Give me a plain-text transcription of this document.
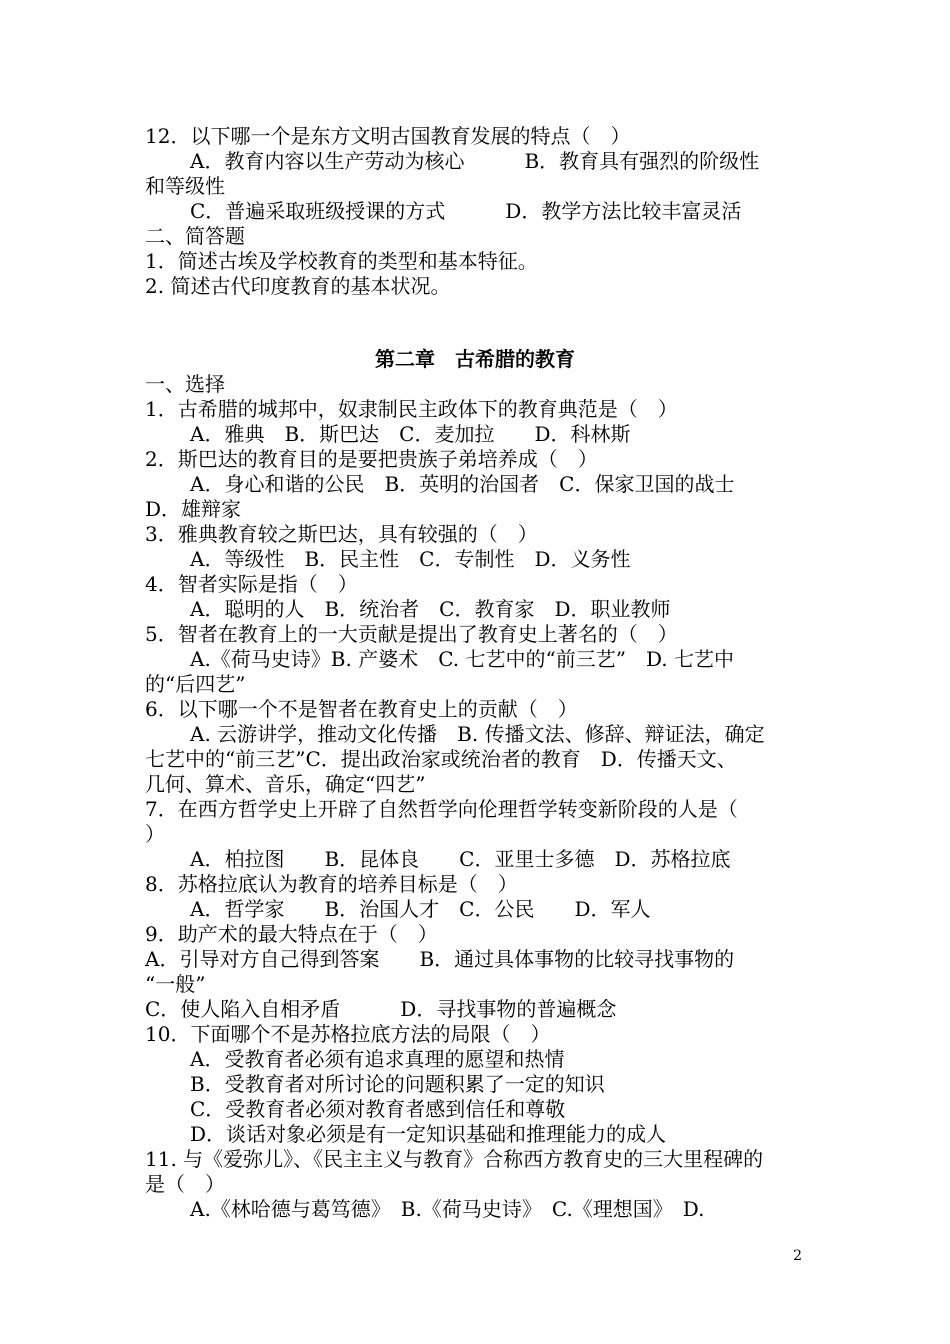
12．以下哪一个是东方文明古国教育发展的特点（　）
A．教育内容以生产劳动为核心　　　B．教育具有强烈的阶级性
和等级性
C．普遍采取班级授课的方式　　　D．教学方法比较丰富灵活
二、简答题
1．简述古埃及学校教育的类型和基本特征。
2. 简述古代印度教育的基本状况。
第二章　古希腊的教育
一、选择
1．古希腊的城邦中，奴隶制民主政体下的教育典范是（　）
A．雅典　B．斯巴达　C．麦加拉　　D．科林斯
2．斯巴达的教育目的是要把贵族子弟培养成（　）
A．身心和谐的公民　B．英明的治国者　C．保家卫国的战士
D．雄辩家
3．雅典教育较之斯巴达，具有较强的（　）
A．等级性　B．民主性　C．专制性　D．义务性
4．智者实际是指（　）
A．聪明的人　B．统治者　C．教育家　D．职业教师
5．智者在教育上的一大贡献是提出了教育史上著名的（　）
A.《荷马史诗》B. 产婆术　C. 七艺中的“前三艺”　D. 七艺中
的“后四艺”
6．以下哪一个不是智者在教育史上的贡献（　）
A. 云游讲学，推动文化传播　B. 传播文法、修辞、辩证法，确定
七艺中的“前三艺”C．提出政治家或统治者的教育　D．传播天文、
几何、算术、音乐，确定“四艺”
7．在西方哲学史上开辟了自然哲学向伦理哲学转变新阶段的人是（
）
A．柏拉图　　B．昆体良　　C．亚里士多德　D．苏格拉底
8．苏格拉底认为教育的培养目标是（　）
A．哲学家　　B．治国人才　C．公民　　D．军人
9．助产术的最大特点在于（　）
A．引导对方自己得到答案　　B．通过具体事物的比较寻找事物的
“一般”
C．使人陷入自相矛盾　　　D．寻找事物的普遍概念
10．下面哪个不是苏格拉底方法的局限（　）
A．受教育者必须有追求真理的愿望和热情
B．受教育者对所讨论的问题积累了一定的知识
C．受教育者必须对教育者感到信任和尊敬
D．谈话对象必须是有一定知识基础和推理能力的成人
11. 与《爱弥儿》、《民主主义与教育》合称西方教育史的三大里程碑的
是（　）
A.《林哈德与葛笃德》　B.《荷马史诗》　C.《理想国》　D.
2
